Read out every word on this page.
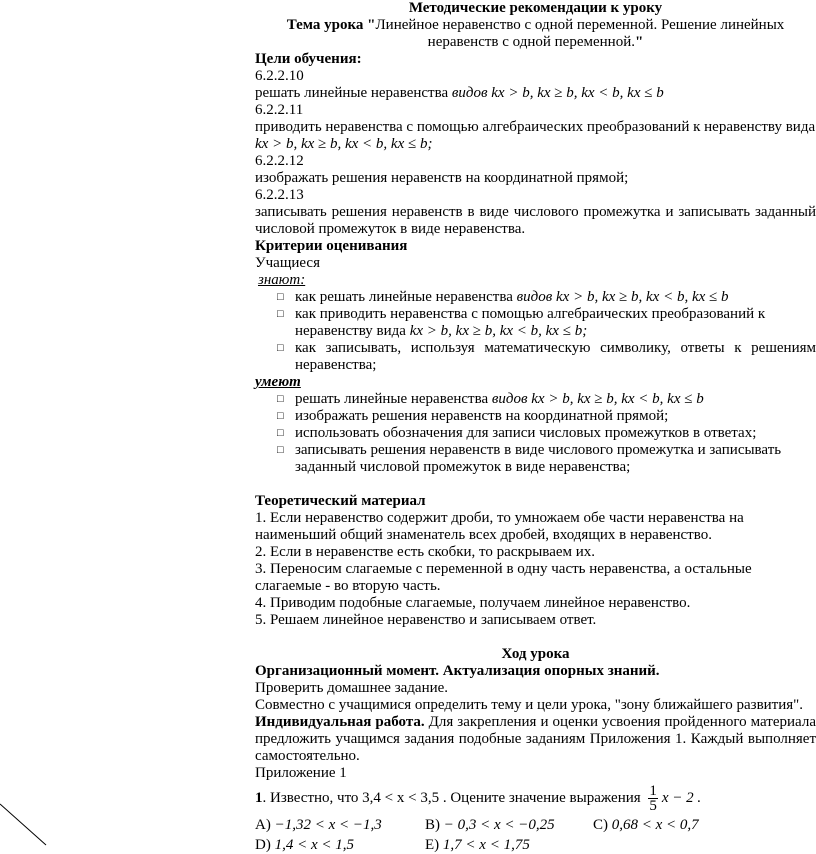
Методические рекомендации к уроку
Тема урока "Линейное неравенство с одной переменной. Решение линейных неравенств с одной переменной."
Цели обучения:
6.2.2.10
решать линейные неравенства видов kx > b, kx ≥ b, kx < b, kx ≤ b
6.2.2.11
приводить неравенства с помощью алгебраических преобразований к неравенству вида
kx > b, kx ≥ b, kx < b, kx ≤ b;
6.2.2.12
изображать решения неравенств на координатной прямой;
6.2.2.13
записывать решения неравенств в виде числового промежутка и записывать заданный числовой промежуток в виде неравенства.
Критерии оценивания
Учащиеся
знают:
□ как решать линейные неравенства видов kx > b, kx ≥ b, kx < b, kx ≤ b
□ как приводить неравенства с помощью алгебраических преобразований к неравенству вида kx > b, kx ≥ b, kx < b, kx ≤ b;
□ как записывать, используя математическую символику, ответы к решениям неравенства;
умеют
□ решать линейные неравенства видов kx > b, kx ≥ b, kx < b, kx ≤ b
□ изображать решения неравенств на координатной прямой;
□ использовать обозначения для записи числовых промежутков в ответах;
□ записывать решения неравенств в виде числового промежутка и записывать заданный числовой промежуток в виде неравенства;
Теоретический материал
1. Если неравенство содержит дроби, то умножаем обе части неравенства на наименьший общий знаменатель всех дробей, входящих в неравенство.
2. Если в неравенстве есть скобки, то раскрываем их.
3. Переносим слагаемые с переменной в одну часть неравенства, а остальные слагаемые - во вторую часть.
4. Приводим подобные слагаемые, получаем линейное неравенство.
5. Решаем линейное неравенство и записываем ответ.
Ход урока
Организационный момент. Актуализация опорных знаний.
Проверить домашнее задание.
Совместно с учащимися определить тему и цели урока, "зону ближайшего развития".
Индивидуальная работа. Для закрепления и оценки усвоения пройденного материала предложить учащимся задания подобные заданиям Приложения 1. Каждый выполняет самостоятельно.
Приложение 1
1. Известно, что 3,4 < x < 3,5 . Оцените значение выражения $\frac{1}{5}$ x − 2 .
A) −1,32 < x < −1,3	B) − 0,3 < x < −0,25	C) 0,68 < x < 0,7
D) 1,4 < x < 1,5	E) 1,7 < x < 1,75
